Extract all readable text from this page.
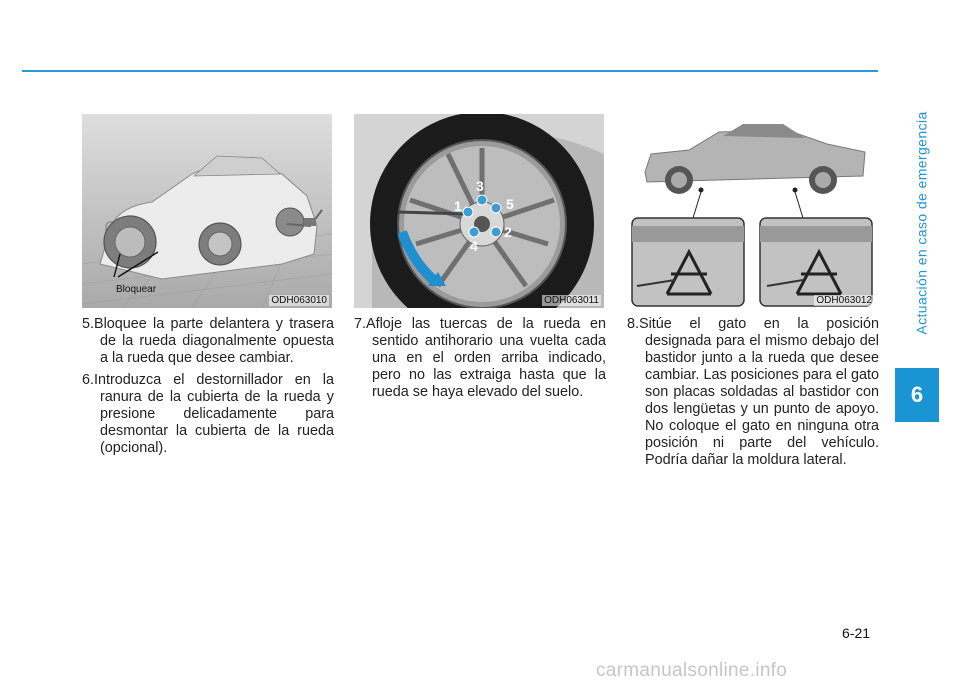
Actuación en caso de emergencia
6
Bloquear
ODH063010
1
2
3
4
5
ODH063011	ODH063012

5.Bloquee la parte delantera y trasera de la rueda diagonalmente opuesta a la rueda que desee cambiar.

6.Introduzca el destornillador en la ranura de la cubierta de la rueda y presione delicadamente para desmontar la cubierta de la rueda (opcional).

7.Afloje las tuercas de la rueda en sentido antihorario una vuelta cada una en el orden arriba indicado, pero no las extraiga hasta que la rueda se haya elevado del suelo.

8.Sitúe el gato en la posición designada para el mismo debajo del bastidor junto a la rueda que desee cambiar. Las posiciones para el gato son placas soldadas al bastidor con dos lengüetas y un punto de apoyo. No coloque el gato en ninguna otra posición ni parte del vehículo. Podría dañar la moldura lateral.

6-21
carmanualsonline.info
